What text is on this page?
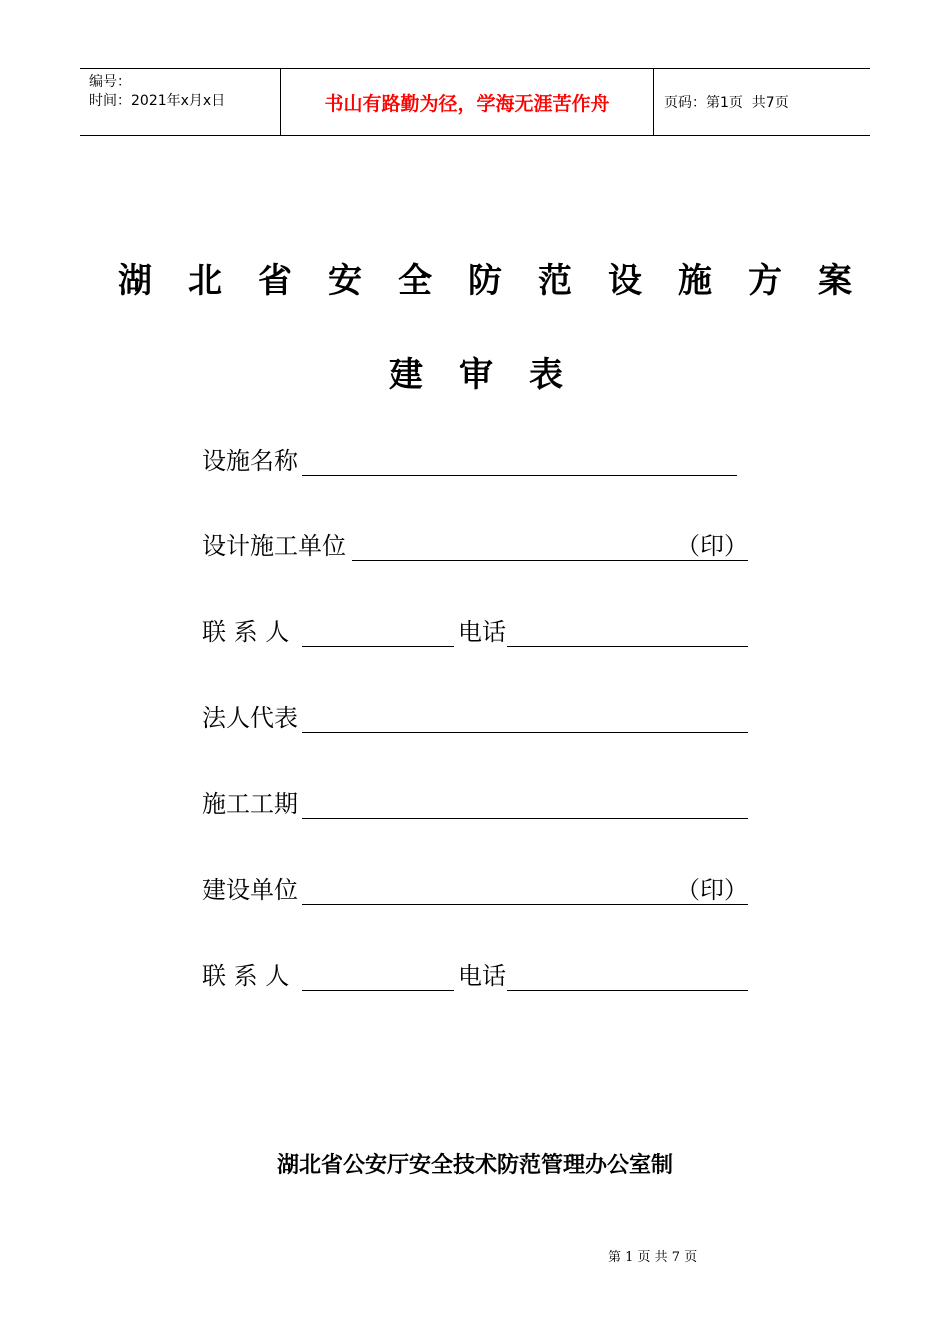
编号：
时间：2021年x月x日	书山有路勤为径，学海无涯苦作舟	页码：第1页  共7页
湖 北 省 安 全 防 范 设 施 方 案
建 审 表
设施名称
设计施工单位	（印）
联 系 人	电话
法人代表
施工工期
建设单位	（印）
联 系 人	电话
湖北省公安厅安全技术防范管理办公室制
第 1 页 共 7 页
